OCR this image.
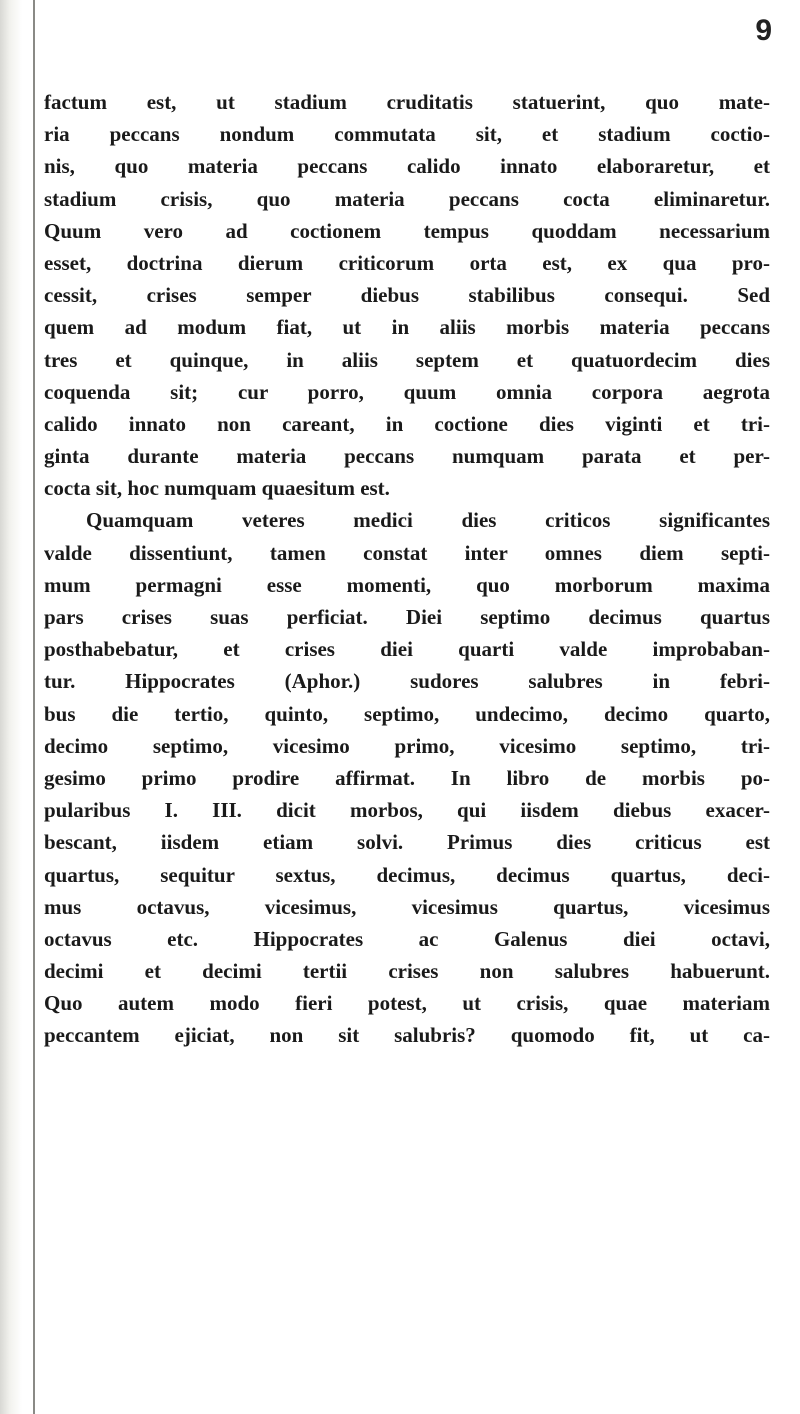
9
factum est, ut stadium cruditatis statuerint, quo mate-
ria peccans nondum commutata sit, et stadium coctio-
nis, quo materia peccans calido innato elaboraretur, et
stadium crisis, quo materia peccans cocta eliminaretur.
Quum vero ad coctionem tempus quoddam necessarium
esset, doctrina dierum criticorum orta est, ex qua pro-
cessit, crises semper diebus stabilibus consequi. Sed
quem ad modum fiat, ut in aliis morbis materia peccans
tres et quinque, in aliis septem et quatuordecim dies
coquenda sit; cur porro, quum omnia corpora aegrota
calido innato non careant, in coctione dies viginti et tri-
ginta durante materia peccans numquam parata et per-
cocta sit, hoc numquam quaesitum est.
Quamquam veteres medici dies criticos significantes
valde dissentiunt, tamen constat inter omnes diem septi-
mum permagni esse momenti, quo morborum maxima
pars crises suas perficiat. Diei septimo decimus quartus
posthabebatur, et crises diei quarti valde improbaban-
tur. Hippocrates (Aphor.) sudores salubres in febri-
bus die tertio, quinto, septimo, undecimo, decimo quarto,
decimo septimo, vicesimo primo, vicesimo septimo, tri-
gesimo primo prodire affirmat. In libro de morbis po-
pularibus I. III. dicit morbos, qui iisdem diebus exacer-
bescant, iisdem etiam solvi. Primus dies criticus est
quartus, sequitur sextus, decimus, decimus quartus, deci-
mus octavus, vicesimus, vicesimus quartus, vicesimus
octavus etc. Hippocrates ac Galenus diei octavi,
decimi et decimi tertii crises non salubres habuerunt.
Quo autem modo fieri potest, ut crisis, quae materiam
peccantem ejiciat, non sit salubris? quomodo fit, ut ca-
